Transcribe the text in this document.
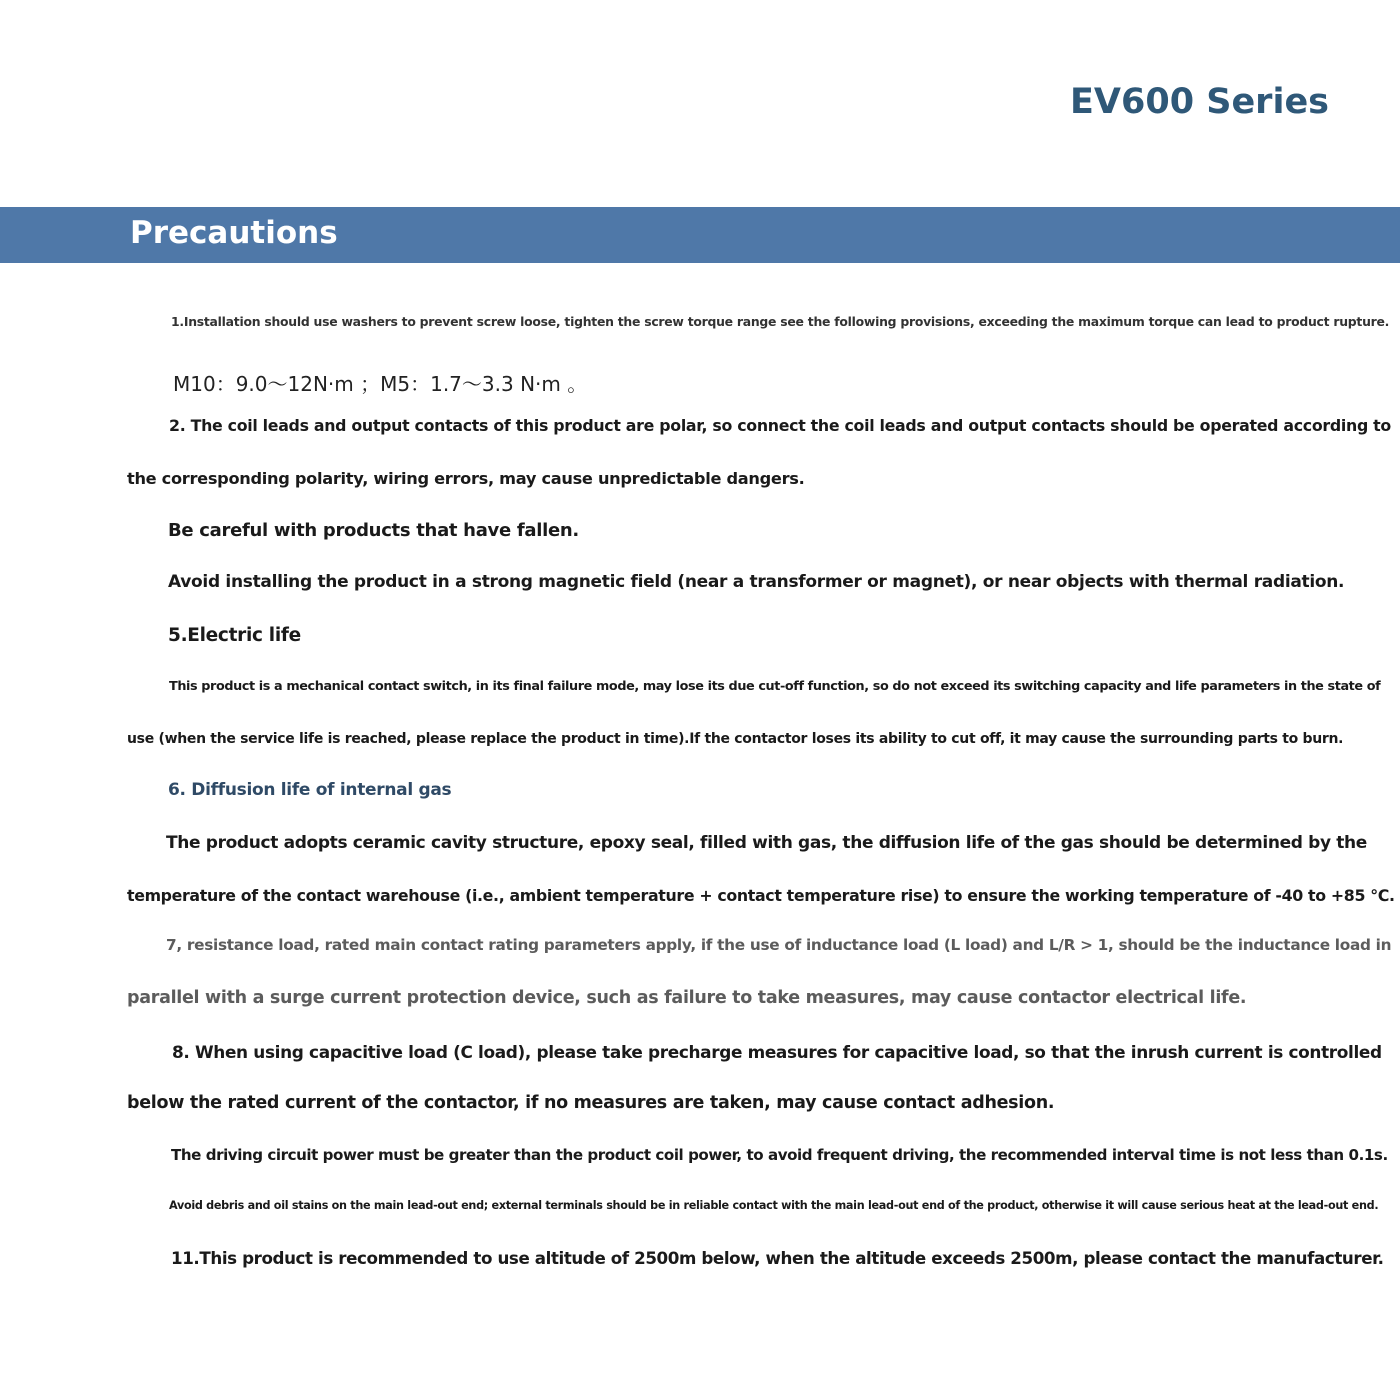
EV600 Series
Precautions
1.Installation should use washers to prevent screw loose, tighten the screw torque range see the following provisions, exceeding the maximum torque can lead to product rupture.
M10：9.0～12N·m ；M5：1.7～3.3 N·m 。
2. The coil leads and output contacts of this product are polar, so connect the coil leads and output contacts should be operated according to
the corresponding polarity, wiring errors, may cause unpredictable dangers.
Be careful with products that have fallen.
Avoid installing the product in a strong magnetic field (near a transformer or magnet), or near objects with thermal radiation.
5.Electric life
This product is a mechanical contact switch, in its final failure mode, may lose its due cut-off function, so do not exceed its switching capacity and life parameters in the state of
use (when the service life is reached, please replace the product in time).If the contactor loses its ability to cut off, it may cause the surrounding parts to burn.
6. Diffusion life of internal gas
The product adopts ceramic cavity structure, epoxy seal, filled with gas, the diffusion life of the gas should be determined by the
temperature of the contact warehouse (i.e., ambient temperature + contact temperature rise) to ensure the working temperature of -40 to +85 ℃.
7, resistance load, rated main contact rating parameters apply, if the use of inductance load (L load) and L/R > 1, should be the inductance load in
parallel with a surge current protection device, such as failure to take measures, may cause contactor electrical life.
8. When using capacitive load (C load), please take precharge measures for capacitive load, so that the inrush current is controlled
below the rated current of the contactor, if no measures are taken, may cause contact adhesion.
The driving circuit power must be greater than the product coil power, to avoid frequent driving, the recommended interval time is not less than 0.1s.
Avoid debris and oil stains on the main lead-out end; external terminals should be in reliable contact with the main lead-out end of the product, otherwise it will cause serious heat at the lead-out end.
11.This product is recommended to use altitude of 2500m below, when the altitude exceeds 2500m, please contact the manufacturer.
